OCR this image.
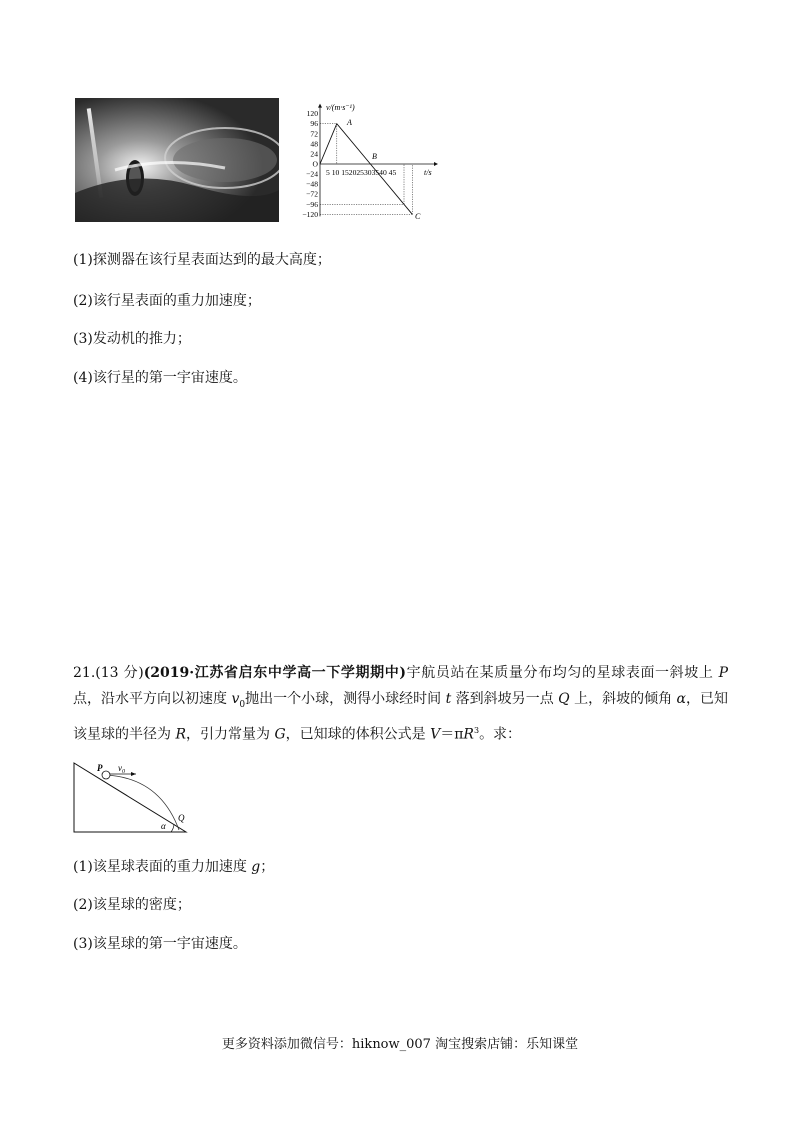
v/(m·s⁻¹)
t/s
5 10 152025303540 45
120
96
72
48
24
O
−24
−48
−72
−96
−120
A
B
C
(1)探测器在该行星表面达到的最大高度；
(2)该行星表面的重力加速度；
(3)发动机的推力；
(4)该行星的第一宇宙速度。
21.(13 分)(2019·江苏省启东中学高一下学期期中)宇航员站在某质量分布均匀的星球表面一斜坡上 P 点，沿水平方向以初速度 $v_0$抛出一个小球，测得小球经时间 t 落到斜坡另一点 Q 上，斜坡的倾角 α，已知该星球的半径为 R，引力常量为 G，已知球的体积公式是 $V=\pi R^3$。求：
P $v_0$
Q
α
(1)该星球表面的重力加速度 g；
(2)该星球的密度；
(3)该星球的第一宇宙速度。
更多资料添加微信号：hiknow_007 淘宝搜索店铺：乐知课堂
